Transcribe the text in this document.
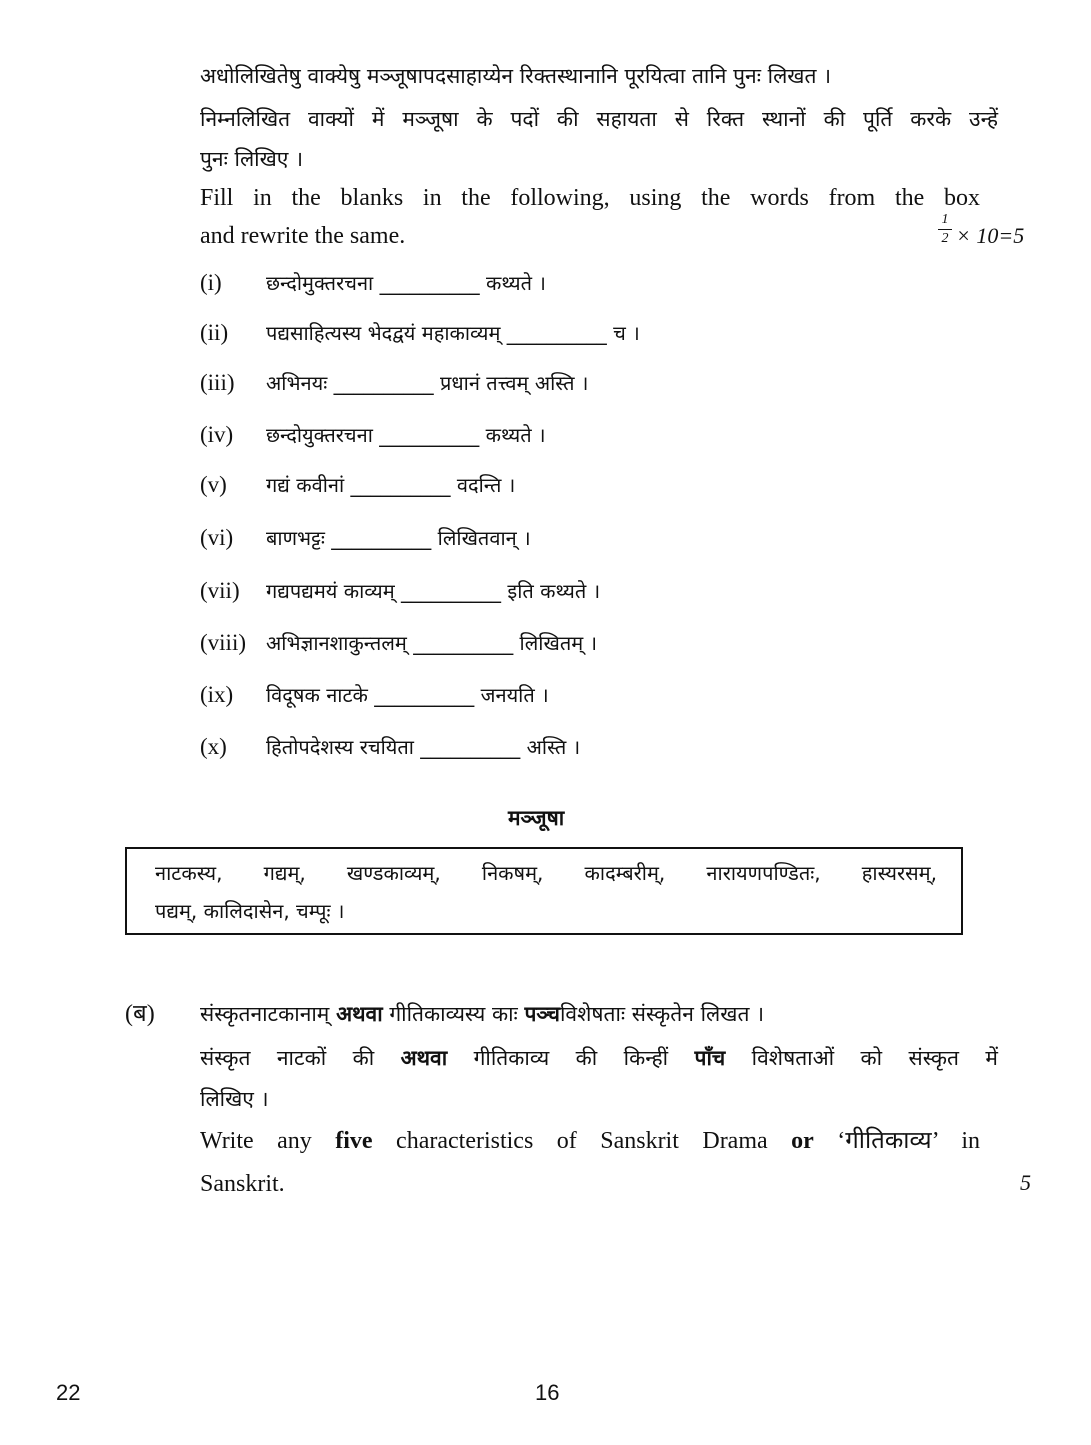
अधोलिखितेषु वाक्येषु मञ्जूषापदसाहाय्येन रिक्तस्थानानि पूरयित्वा तानि पुनः लिखत ।
निम्नलिखित वाक्यों में मञ्जूषा के पदों की सहायता से रिक्त स्थानों की पूर्ति करके उन्हें
पुनः लिखिए ।
Fill in the blanks in the following, using the words from the box
and rewrite the same.
1
2 × 10=5
(i) छन्दोमुक्तरचना __________ कथ्यते ।
(ii) पद्यसाहित्यस्य भेदद्वयं महाकाव्यम् __________ च ।
(iii) अभिनयः __________ प्रधानं तत्त्वम् अस्ति ।
(iv) छन्दोयुक्तरचना __________ कथ्यते ।
(v) गद्यं कवीनां __________ वदन्ति ।
(vi) बाणभट्टः __________ लिखितवान् ।
(vii) गद्यपद्यमयं काव्यम् __________ इति कथ्यते ।
(viii) अभिज्ञानशाकुन्तलम् __________ लिखितम् ।
(ix) विदूषक नाटके __________ जनयति ।
(x) हितोपदेशस्य रचयिता __________ अस्ति ।
मञ्जूषा
नाटकस्य, गद्यम्, खण्डकाव्यम्, निकषम्, कादम्बरीम्, नारायणपण्डितः, हास्यरसम्,
पद्यम्, कालिदासेन, चम्पूः ।
(ब) संस्कृतनाटकानाम् अथवा गीतिकाव्यस्य काः पञ्चविशेषताः संस्कृतेन लिखत ।
संस्कृत नाटकों की अथवा गीतिकाव्य की किन्हीं पाँच विशेषताओं को संस्कृत में
लिखिए ।
Write any five characteristics of Sanskrit Drama or ‘गीतिकाव्य’ in
Sanskrit.	5
22	16
